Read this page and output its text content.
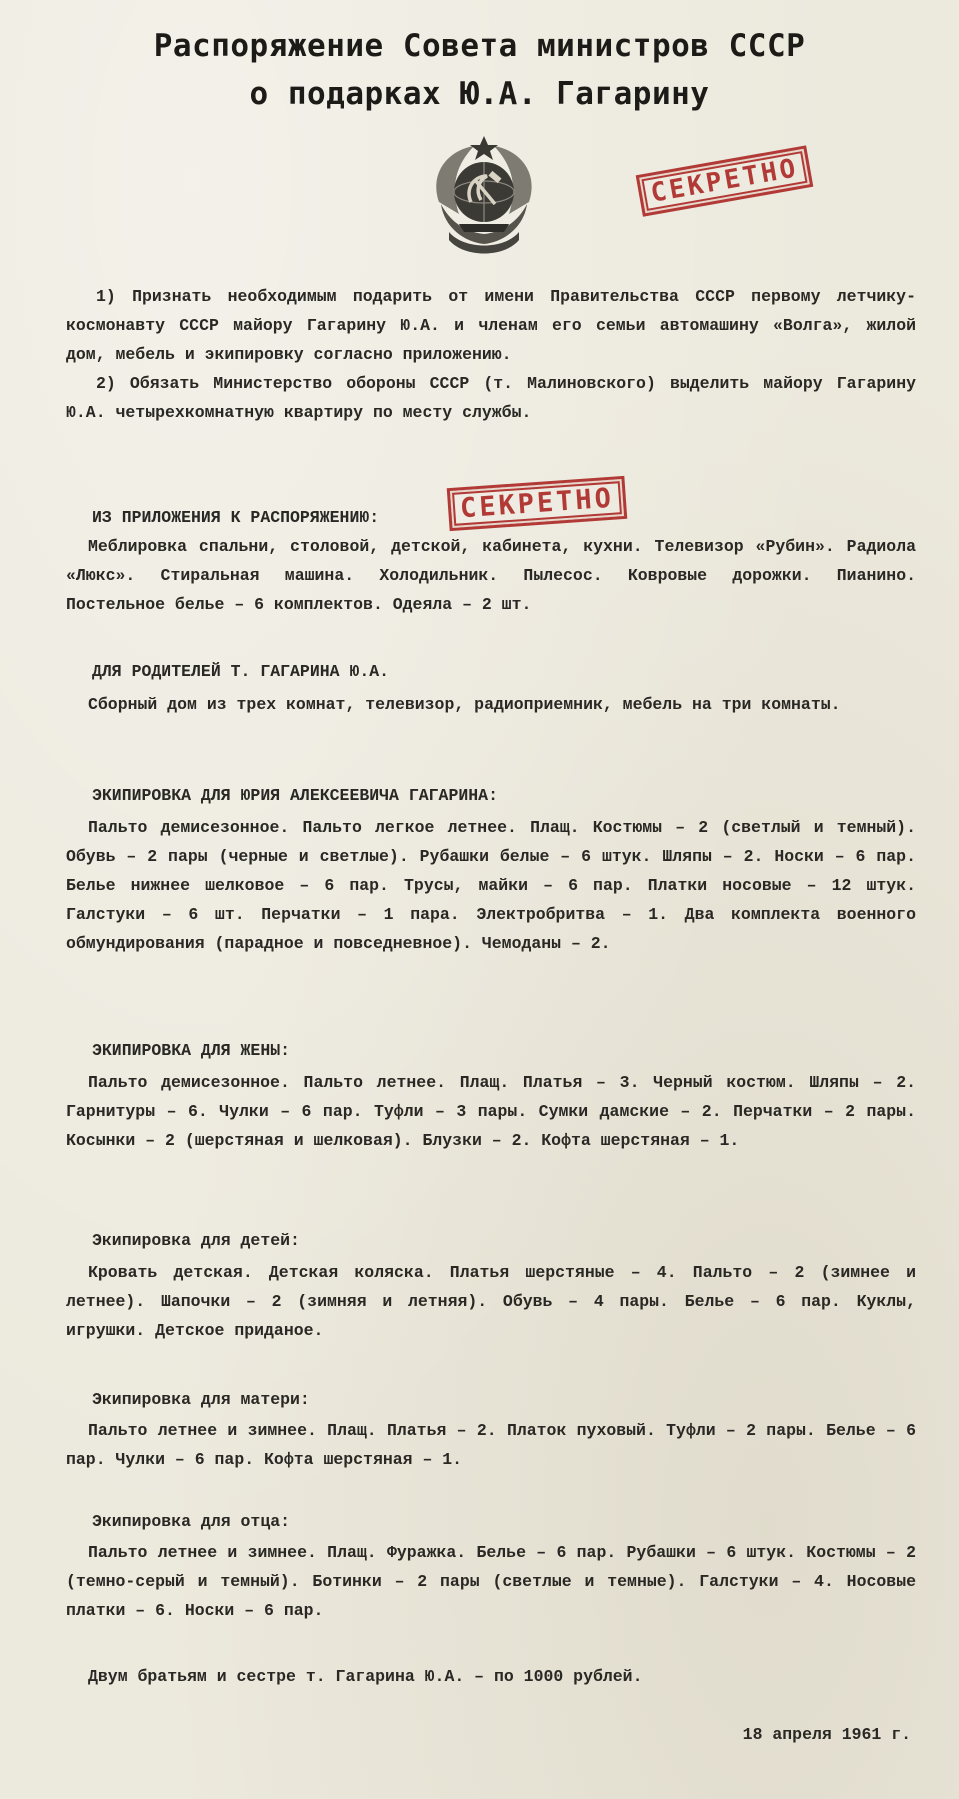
Распоряжение Совета министров СССР
о подарках Ю.А. Гагарину
СЕКРЕТНО

1) Признать необходимым подарить от имени Правительства СССР первому летчику-космонавту СССР майору Гагарину Ю.А. и членам его семьи автомашину «Волга», жилой дом, мебель и экипировку согласно приложению.

2) Обязать Министерство обороны СССР (т. Малиновского) выделить майору Гагарину Ю.А. четырехкомнатную квартиру по месту службы.

ИЗ ПРИЛОЖЕНИЯ К РАСПОРЯЖЕНИЮ:	СЕКРЕТНО

Меблировка спальни, столовой, детской, кабинета, кухни. Телевизор «Рубин». Радиола «Люкс». Стиральная машина. Холодильник. Пылесос. Ковровые дорожки. Пианино. Постельное белье – 6 комплектов. Одеяла – 2 шт.

ДЛЯ РОДИТЕЛЕЙ Т. ГАГАРИНА Ю.А.

Сборный дом из трех комнат, телевизор, радиоприемник, мебель на три комнаты.

ЭКИПИРОВКА ДЛЯ ЮРИЯ АЛЕКСЕЕВИЧА ГАГАРИНА:

Пальто демисезонное. Пальто легкое летнее. Плащ. Костюмы – 2 (светлый и темный). Обувь – 2 пары (черные и светлые). Рубашки белые – 6 штук. Шляпы – 2. Носки – 6 пар. Белье нижнее шелковое – 6 пар. Трусы, майки – 6 пар. Платки носовые – 12 штук. Галстуки – 6 шт. Перчатки – 1 пара. Электробритва – 1. Два комплекта военного обмундирования (парадное и повседневное). Чемоданы – 2.

ЭКИПИРОВКА ДЛЯ ЖЕНЫ:

Пальто демисезонное. Пальто летнее. Плащ. Платья – 3. Черный костюм. Шляпы – 2. Гарнитуры – 6. Чулки – 6 пар. Туфли – 3 пары. Сумки дамские – 2. Перчатки – 2 пары. Косынки – 2 (шерстяная и шелковая). Блузки – 2. Кофта шерстяная – 1.

Экипировка для детей:

Кровать детская. Детская коляска. Платья шерстяные – 4. Пальто – 2 (зимнее и летнее). Шапочки – 2 (зимняя и летняя). Обувь – 4 пары. Белье – 6 пар. Куклы, игрушки. Детское приданое.

Экипировка для матери:

Пальто летнее и зимнее. Плащ. Платья – 2. Платок пуховый. Туфли – 2 пары. Белье – 6 пар. Чулки – 6 пар. Кофта шерстяная – 1.

Экипировка для отца:

Пальто летнее и зимнее. Плащ. Фуражка. Белье – 6 пар. Рубашки – 6 штук. Костюмы – 2 (темно-серый и темный). Ботинки – 2 пары (светлые и темные). Галстуки – 4. Носовые платки – 6. Носки – 6 пар.

Двум братьям и сестре т. Гагарина Ю.А. – по 1000 рублей.

18 апреля 1961 г.
